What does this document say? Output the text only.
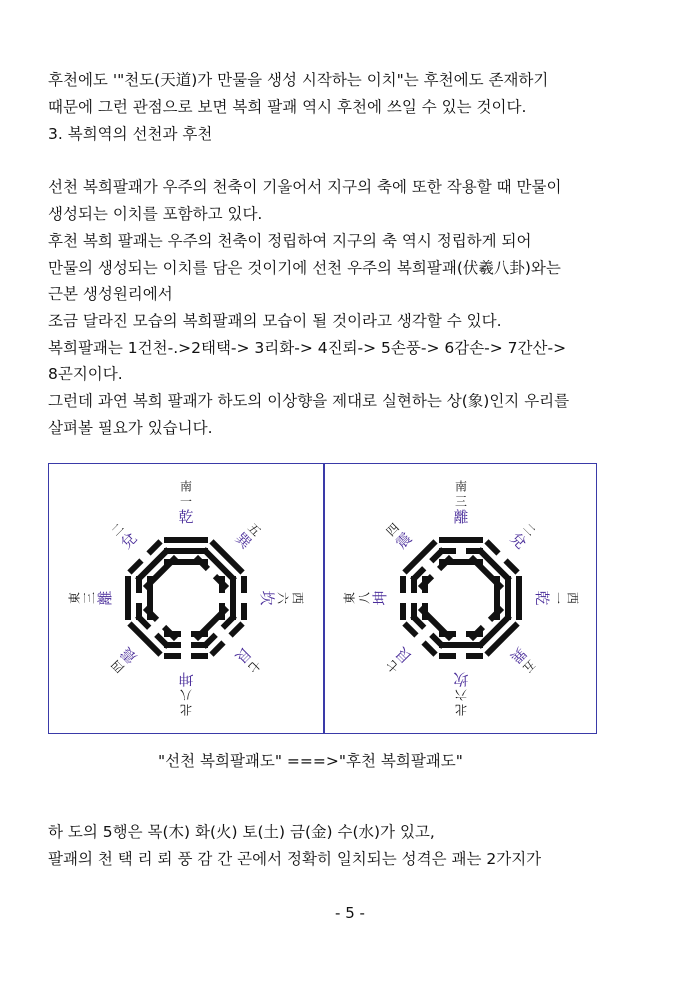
후천에도 '"천도(天道)가 만물을 생성 시작하는 이치"는 후천에도 존재하기
때문에 그런 관점으로 보면 복희 팔괘 역시 후천에 쓰일 수 있는 것이다.
3. 복희역의 선천과 후천
선천 복희팔괘가 우주의 천축이 기울어서 지구의 축에 또한 작용할 때 만물이
생성되는 이치를 포함하고 있다.
후천 복희 팔괘는 우주의 천축이 정립하여 지구의 축 역시 정립하게 되어
만물의 생성되는 이치를 담은 것이기에 선천 우주의 복희팔괘(伏羲八卦)와는
근본 생성원리에서
조금 달라진 모습의 복희팔괘의 모습이 될 것이라고 생각할 수 있다.
복희팔괘는 1건천-.>2태택-> 3리화-> 4진뢰-> 5손풍-> 6감손-> 7간산->
8곤지이다.
그런데 과연 복희 팔괘가 하도의 이상향을 제대로 실현하는 상(象)인지 우리를
살펴볼 필요가 있습니다.
乾
一
南
巽
五
坎 六 西
艮
七
坤
八
北
震
四
離
三
東
兌
二
離
三
南
兌
二
乾 一 西
巽
五
坎
六
北
艮
七
坤
八
東
震
四
"선천 복희팔괘도" ===>"후천 복희팔괘도"
하 도의 5행은 목(木) 화(火) 토(土) 금(金) 수(水)가 있고,
팔괘의 천 택 리 뢰 풍 감 간 곤에서 정확히 일치되는 성격은 괘는 2가지가
- 5 -
